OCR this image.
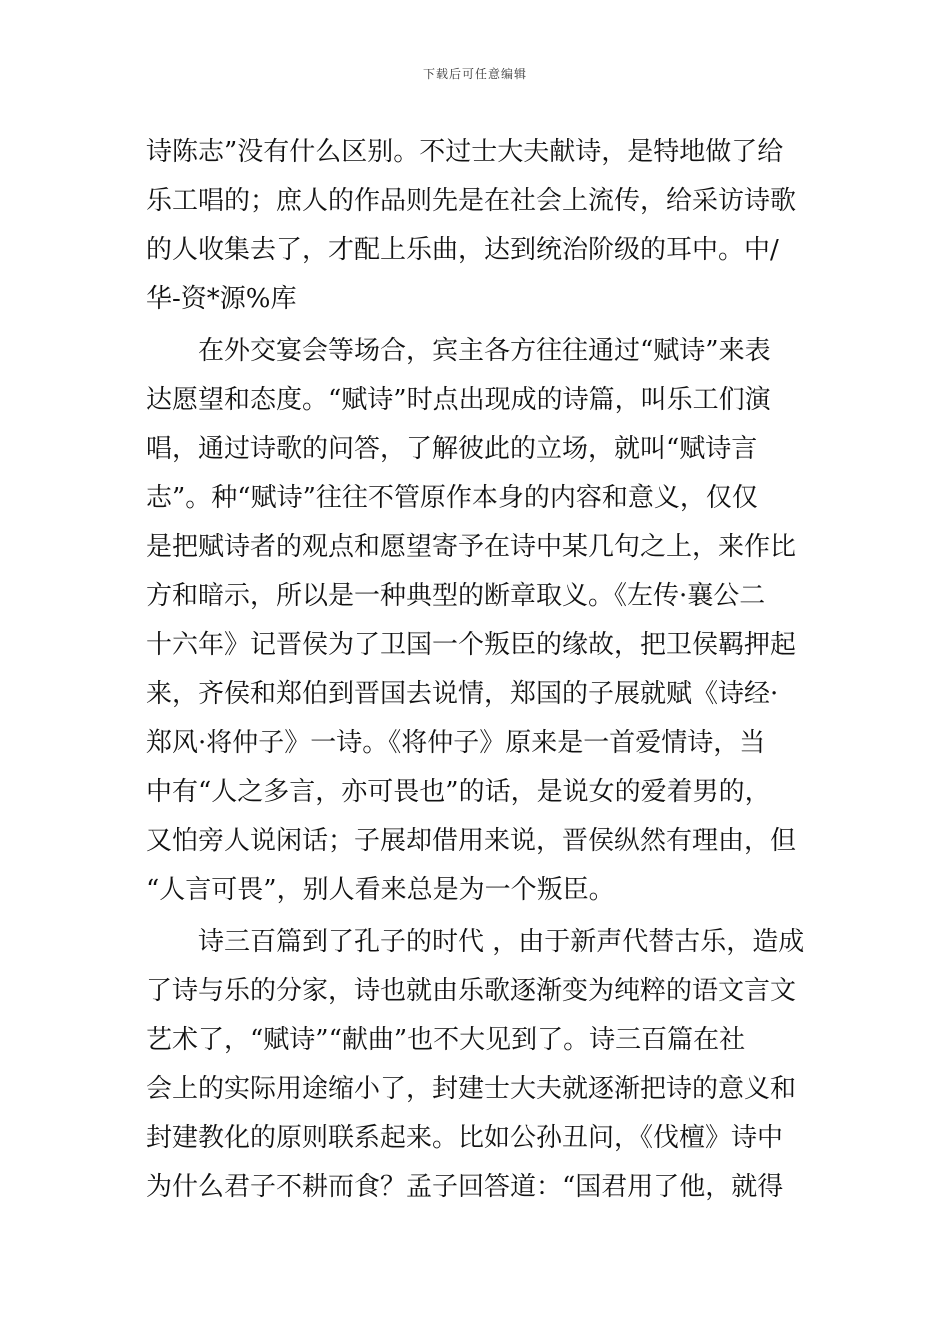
下载后可任意编辑
诗陈志”没有什么区别。不过士大夫献诗，是特地做了给
乐工唱的；庶人的作品则先是在社会上流传，给采访诗歌
的人收集去了，才配上乐曲，达到统治阶级的耳中。中/
华-资*源%库
　　在外交宴会等场合，宾主各方往往通过“赋诗”来表
达愿望和态度。“赋诗”时点出现成的诗篇，叫乐工们演
唱，通过诗歌的问答，了解彼此的立场，就叫“赋诗言
志”。种“赋诗”往往不管原作本身的内容和意义，仅仅
是把赋诗者的观点和愿望寄予在诗中某几句之上，来作比
方和暗示，所以是一种典型的断章取义。《左传·襄公二
十六年》记晋侯为了卫国一个叛臣的缘故，把卫侯羁押起
来，齐侯和郑伯到晋国去说情，郑国的子展就赋《诗经·
郑风·将仲子》一诗。《将仲子》原来是一首爱情诗，当
中有“人之多言，亦可畏也”的话，是说女的爱着男的，
又怕旁人说闲话；子展却借用来说，晋侯纵然有理由，但
“人言可畏”，别人看来总是为一个叛臣。
　　诗三百篇到了孔子的时代 ，由于新声代替古乐，造成
了诗与乐的分家，诗也就由乐歌逐渐变为纯粹的语文言文
艺术了，“赋诗”“献曲”也不大见到了。诗三百篇在社
会上的实际用途缩小了，封建士大夫就逐渐把诗的意义和
封建教化的原则联系起来。比如公孙丑问，《伐檀》诗中
为什么君子不耕而食？孟子回答道：“国君用了他，就得
